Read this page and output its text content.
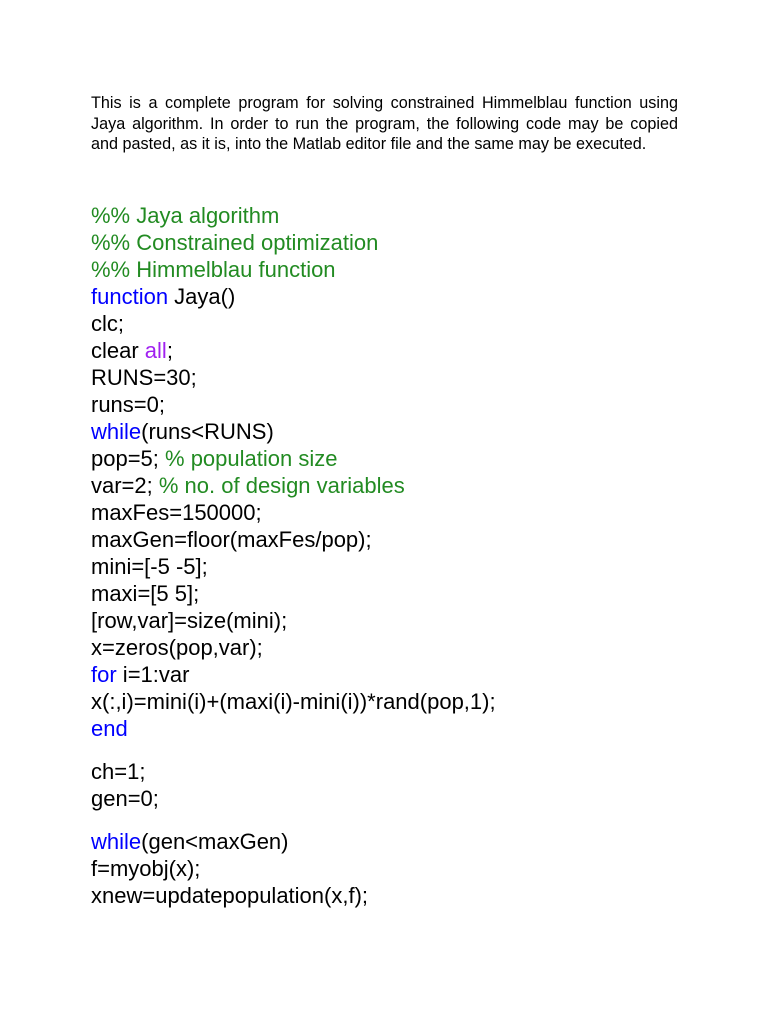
This is a complete program for solving constrained Himmelblau function using Jaya algorithm. In order to run the program, the following code may be copied and pasted, as it is, into the Matlab editor file and the same may be executed.

%% Jaya algorithm
%% Constrained optimization
%% Himmelblau function
function Jaya()
clc;
clear all;
RUNS=30;
runs=0;
while(runs<RUNS)
pop=5; % population size
var=2; % no. of design variables
maxFes=150000;
maxGen=floor(maxFes/pop);
mini=[-5 -5];
maxi=[5 5];
[row,var]=size(mini);
x=zeros(pop,var);
for i=1:var
x(:,i)=mini(i)+(maxi(i)-mini(i))*rand(pop,1);
end
ch=1;
gen=0;
while(gen<maxGen)
f=myobj(x);
xnew=updatepopulation(x,f);
